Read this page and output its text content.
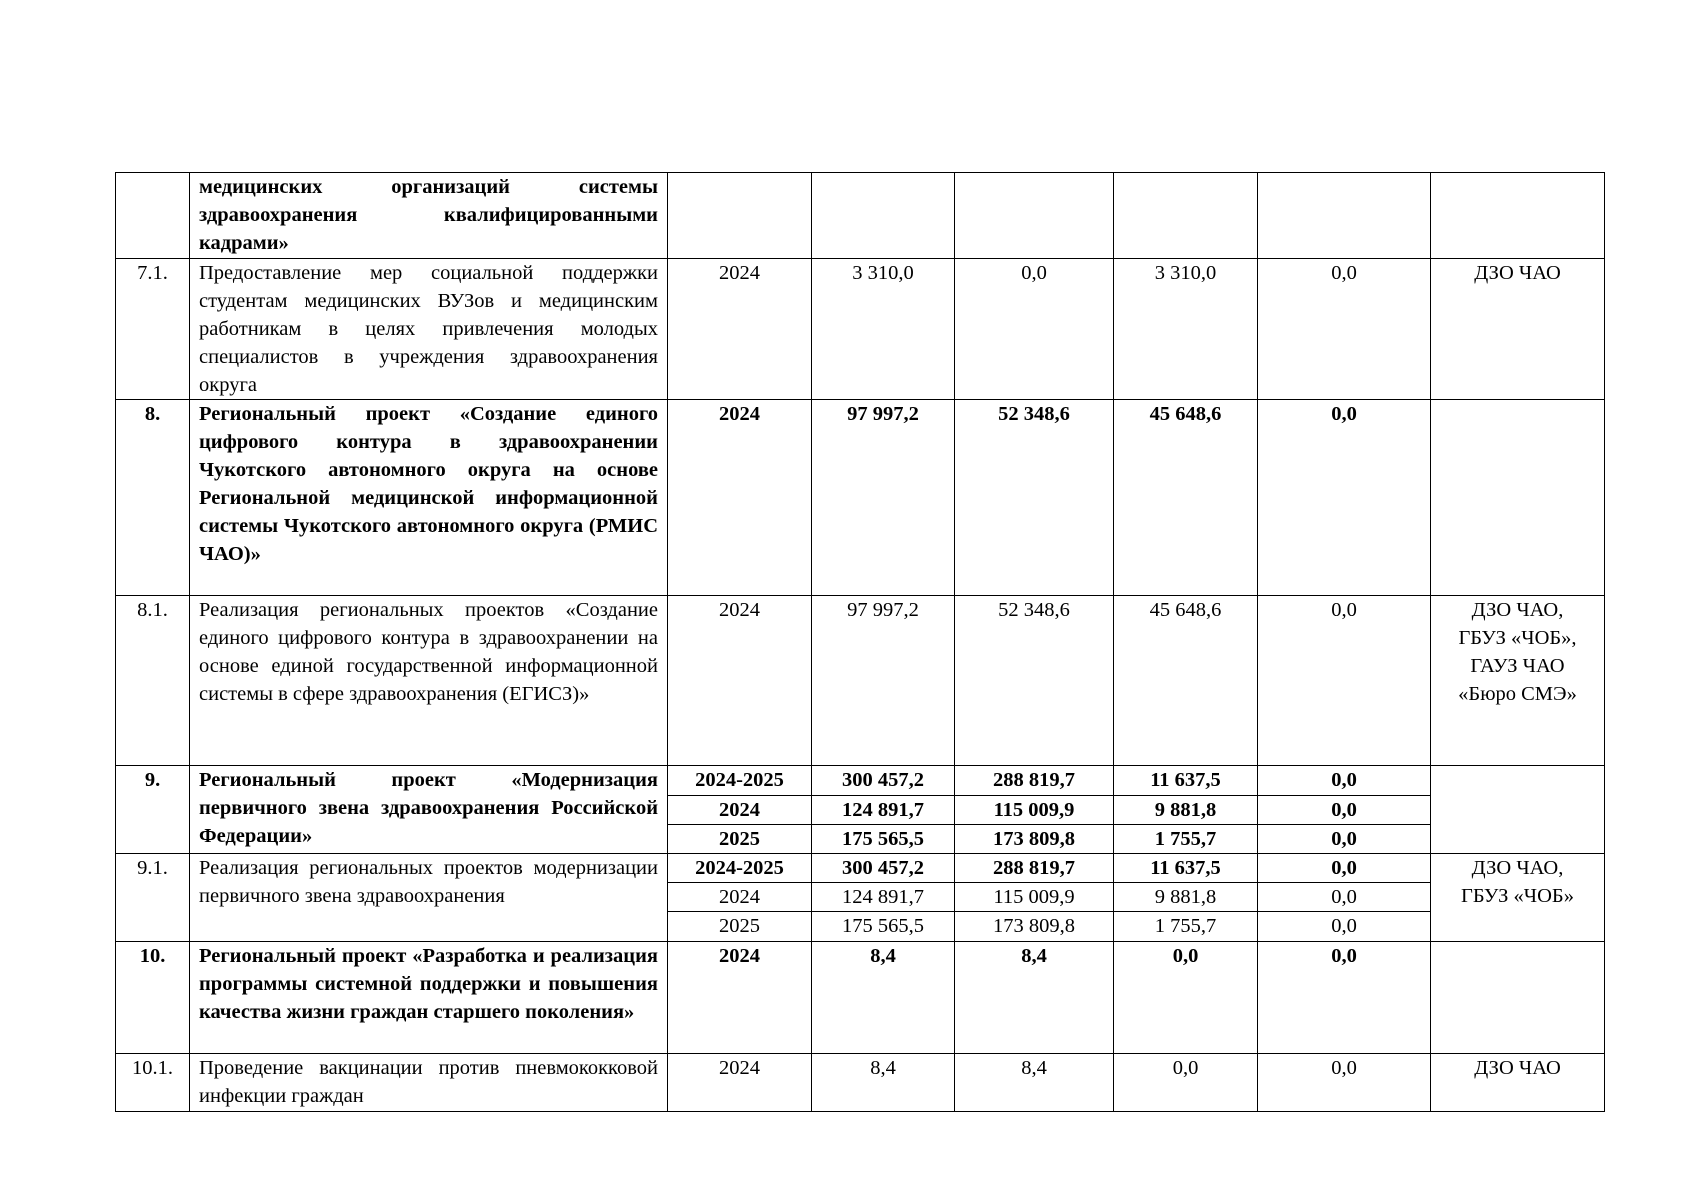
	медицинских организаций системы здравоохранения квалифицированными кадрами»						
7.1.	Предоставление мер социальной поддержки студентам медицинских ВУЗов и медицинским работникам в целях привлечения молодых специалистов в учреждения здравоохранения округа	2024	3 310,0	0,0	3 310,0	0,0	ДЗО ЧАО
8.	Региональный проект «Создание единого цифрового контура в здравоохранении Чукотского автономного округа на основе Региональной медицинской информационной системы Чукотского автономного округа (РМИС ЧАО)»	2024	97 997,2	52 348,6	45 648,6	0,0	
8.1.	Реализация региональных проектов «Создание единого цифрового контура в здравоохранении на основе единой государственной информационной системы в сфере здравоохранения (ЕГИСЗ)»	2024	97 997,2	52 348,6	45 648,6	0,0	ДЗО ЧАО,
ГБУЗ «ЧОБ»,
ГАУЗ ЧАО
«Бюро СМЭ»
9.	Региональный проект «Модернизация первичного звена здравоохранения Российской Федерации»	2024-2025	300 457,2	288 819,7	11 637,5	0,0	
		2024	124 891,7	115 009,9	9 881,8	0,0	
		2025	175 565,5	173 809,8	1 755,7	0,0	
9.1.	Реализация региональных проектов модернизации первичного звена здравоохранения	2024-2025	300 457,2	288 819,7	11 637,5	0,0	ДЗО ЧАО,
ГБУЗ «ЧОБ»
		2024	124 891,7	115 009,9	9 881,8	0,0	
		2025	175 565,5	173 809,8	1 755,7	0,0	
10.	Региональный проект «Разработка и реализация программы системной поддержки и повышения качества жизни граждан старшего поколения»	2024	8,4	8,4	0,0	0,0	
10.1.	Проведение вакцинации против пневмококковой инфекции граждан	2024	8,4	8,4	0,0	0,0	ДЗО ЧАО
